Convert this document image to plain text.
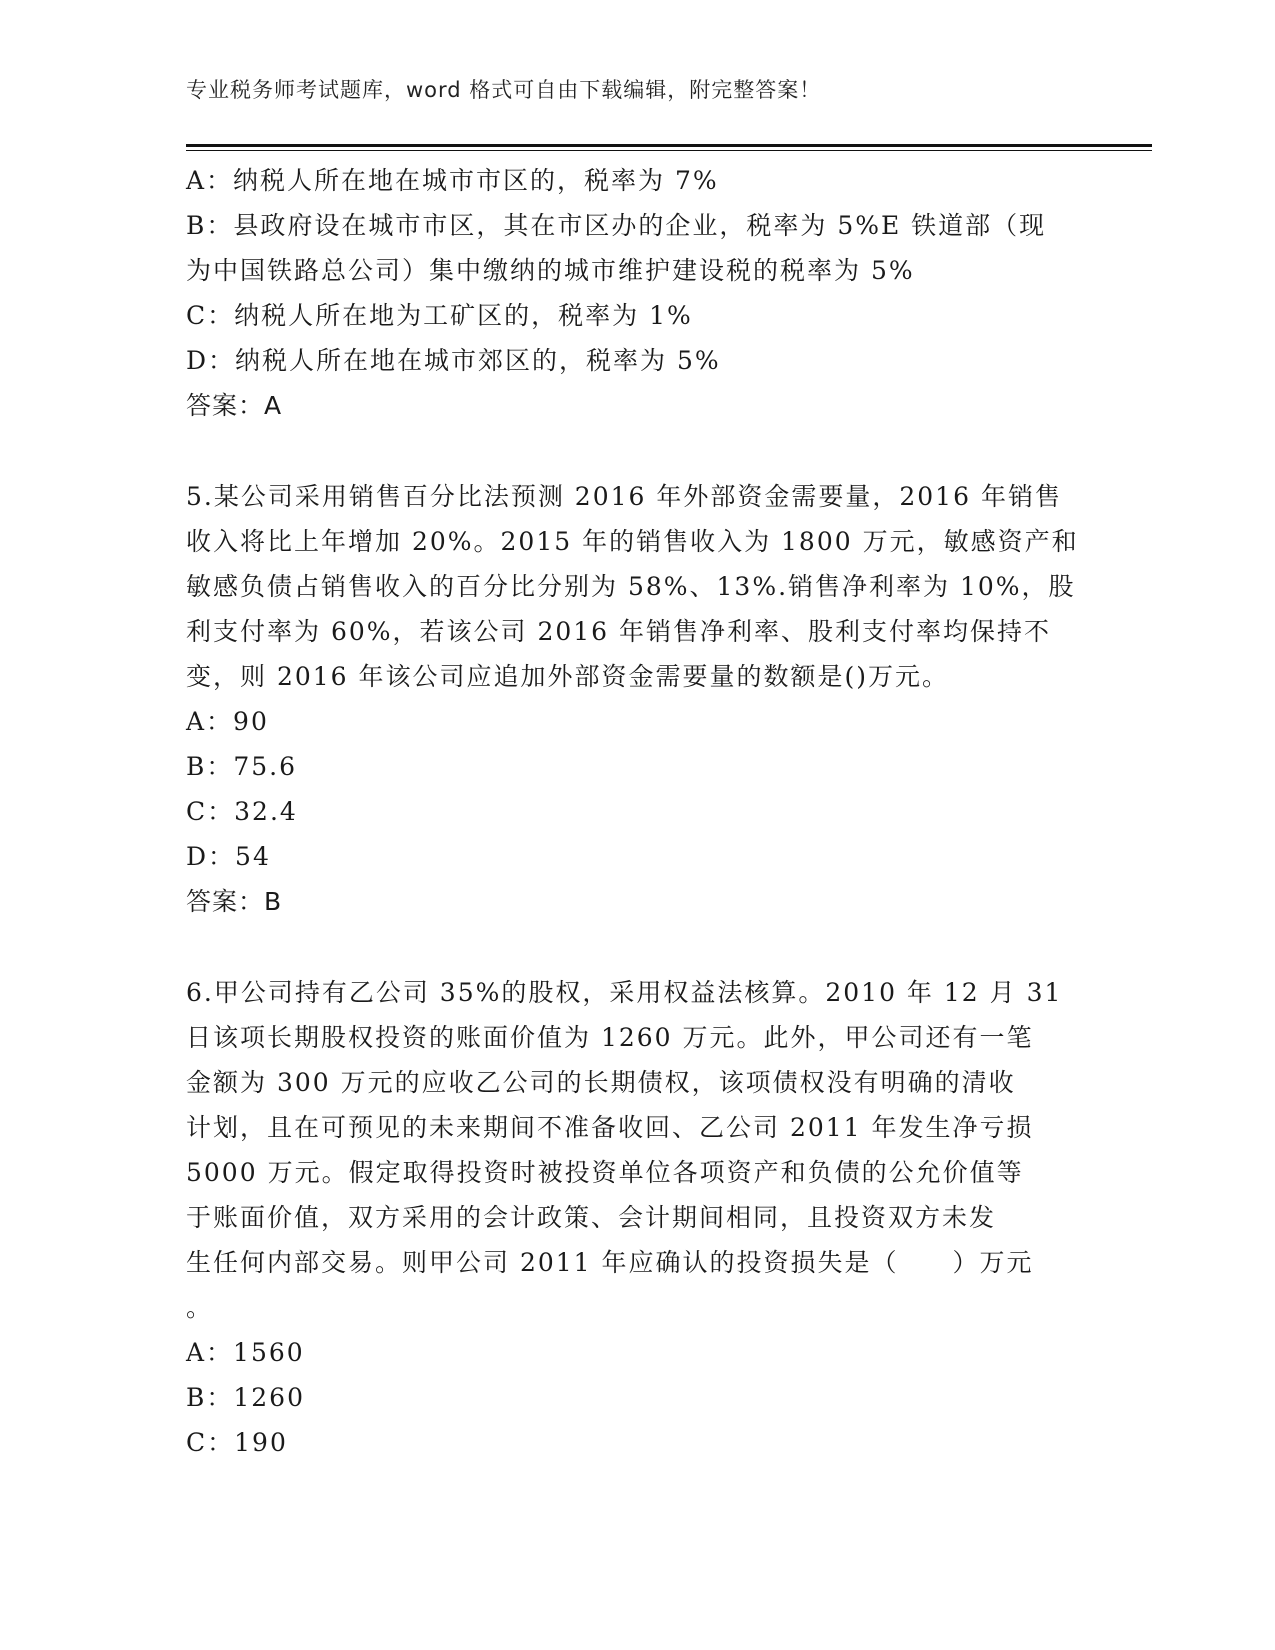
专业税务师考试题库，word 格式可自由下载编辑，附完整答案！
A：纳税人所在地在城市市区的，税率为 7%
B：县政府设在城市市区，其在市区办的企业，税率为 5%E 铁道部（现
为中国铁路总公司）集中缴纳的城市维护建设税的税率为 5%
C：纳税人所在地为工矿区的，税率为 1%
D：纳税人所在地在城市郊区的，税率为 5%
答案：A
5.某公司采用销售百分比法预测 2016 年外部资金需要量，2016 年销售
收入将比上年增加 20%。2015 年的销售收入为 1800 万元，敏感资产和
敏感负债占销售收入的百分比分别为 58%、13%.销售净利率为 10%，股
利支付率为 60%，若该公司 2016 年销售净利率、股利支付率均保持不
变，则 2016 年该公司应追加外部资金需要量的数额是()万元。
A：90
B：75.6
C：32.4
D：54
答案：B
6.甲公司持有乙公司 35%的股权，采用权益法核算。2010 年 12 月 31
日该项长期股权投资的账面价值为 1260 万元。此外，甲公司还有一笔
金额为 300 万元的应收乙公司的长期债权，该项债权没有明确的清收
计划，且在可预见的未来期间不准备收回、乙公司 2011 年发生净亏损
5000 万元。假定取得投资时被投资单位各项资产和负债的公允价值等
于账面价值，双方采用的会计政策、会计期间相同，且投资双方未发
生任何内部交易。则甲公司 2011 年应确认的投资损失是（　　）万元
。
A：1560
B：1260
C：190
